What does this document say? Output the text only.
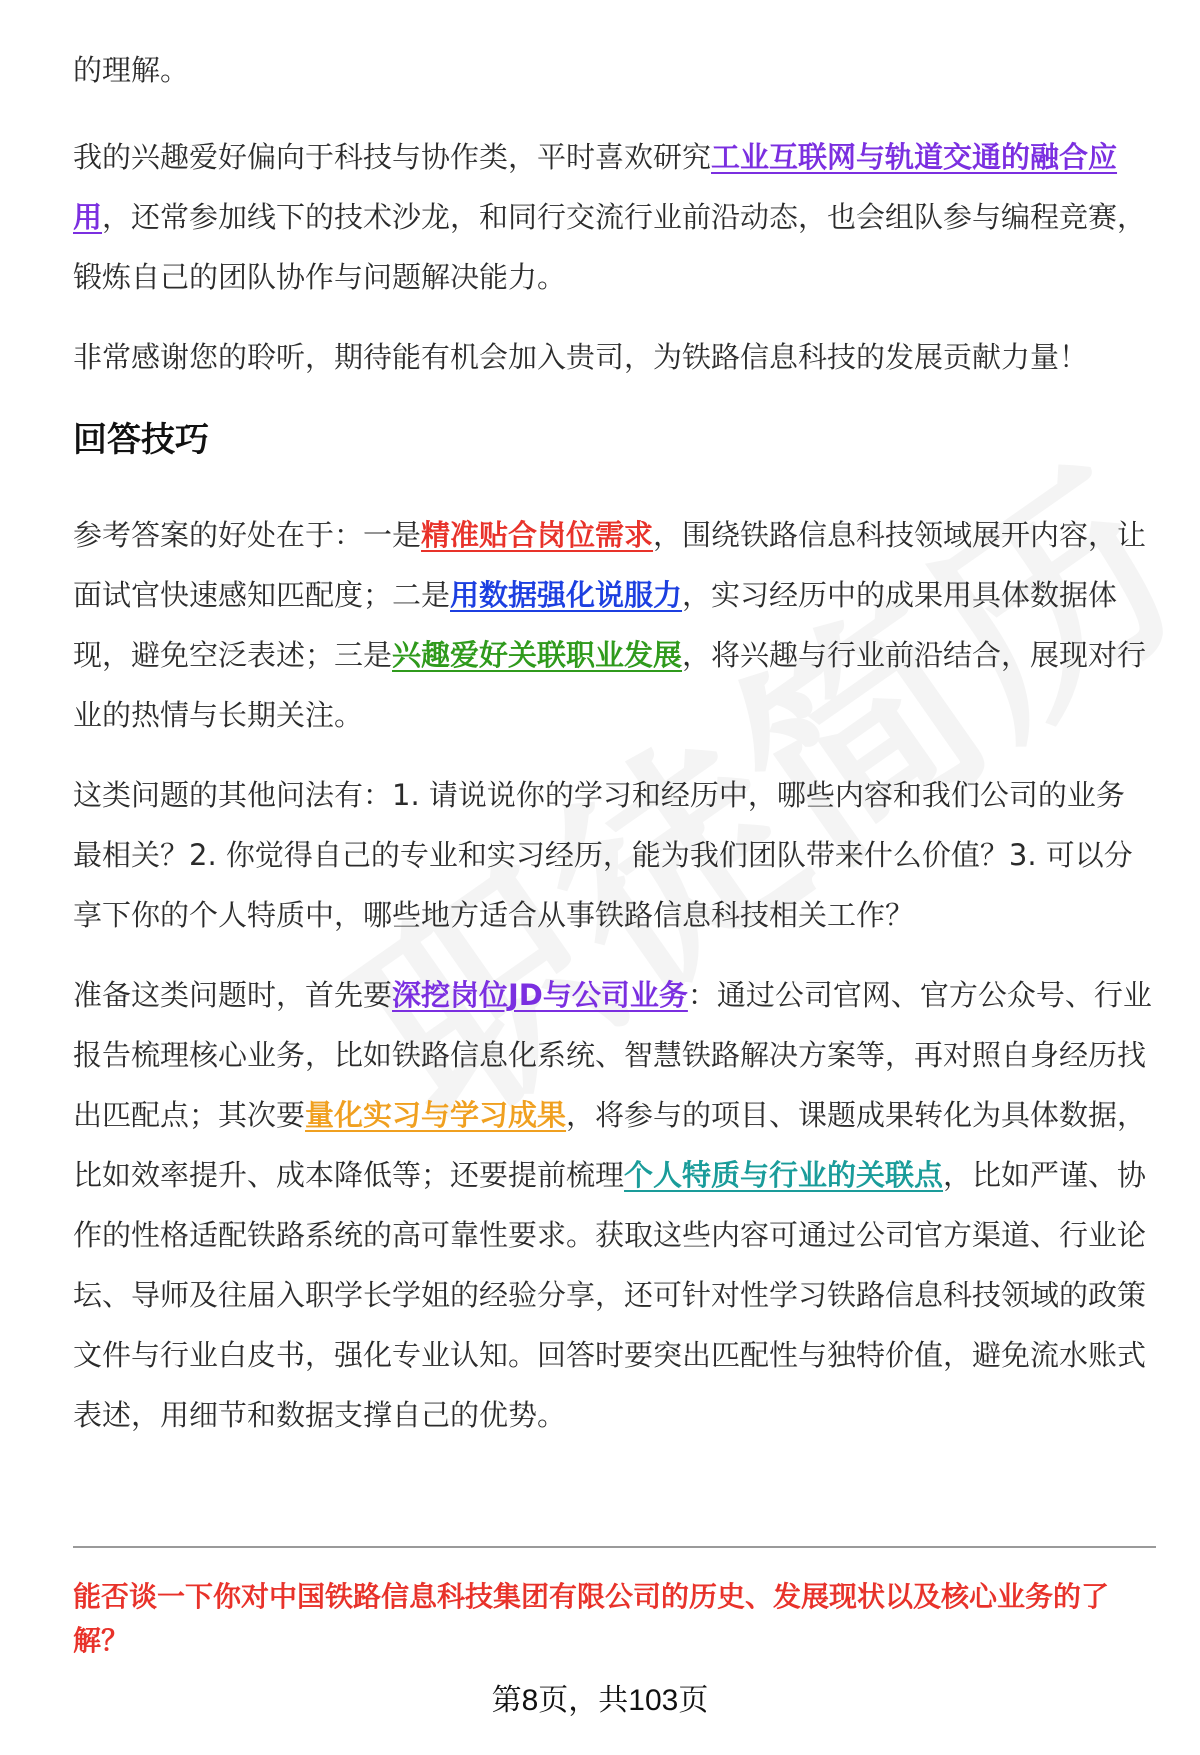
的理解。

我的兴趣爱好偏向于科技与协作类，平时喜欢研究工业互联网与轨道交通的融合应用，还常参加线下的技术沙龙，和同行交流行业前沿动态，也会组队参与编程竞赛，锻炼自己的团队协作与问题解决能力。

非常感谢您的聆听，期待能有机会加入贵司，为铁路信息科技的发展贡献力量！

回答技巧

参考答案的好处在于：一是精准贴合岗位需求，围绕铁路信息科技领域展开内容，让面试官快速感知匹配度；二是用数据强化说服力，实习经历中的成果用具体数据体现，避免空泛表述；三是兴趣爱好关联职业发展，将兴趣与行业前沿结合，展现对行业的热情与长期关注。

这类问题的其他问法有：1. 请说说你的学习和经历中，哪些内容和我们公司的业务最相关？2. 你觉得自己的专业和实习经历，能为我们团队带来什么价值？3. 可以分享下你的个人特质中，哪些地方适合从事铁路信息科技相关工作？

准备这类问题时，首先要深挖岗位JD与公司业务：通过公司官网、官方公众号、行业报告梳理核心业务，比如铁路信息化系统、智慧铁路解决方案等，再对照自身经历找出匹配点；其次要量化实习与学习成果，将参与的项目、课题成果转化为具体数据，比如效率提升、成本降低等；还要提前梳理个人特质与行业的关联点，比如严谨、协作的性格适配铁路系统的高可靠性要求。获取这些内容可通过公司官方渠道、行业论坛、导师及往届入职学长学姐的经验分享，还可针对性学习铁路信息科技领域的政策文件与行业白皮书，强化专业认知。回答时要突出匹配性与独特价值，避免流水账式表述，用细节和数据支撑自己的优势。

能否谈一下你对中国铁路信息科技集团有限公司的历史、发展现状以及核心业务的了解？

第8页，共103页
